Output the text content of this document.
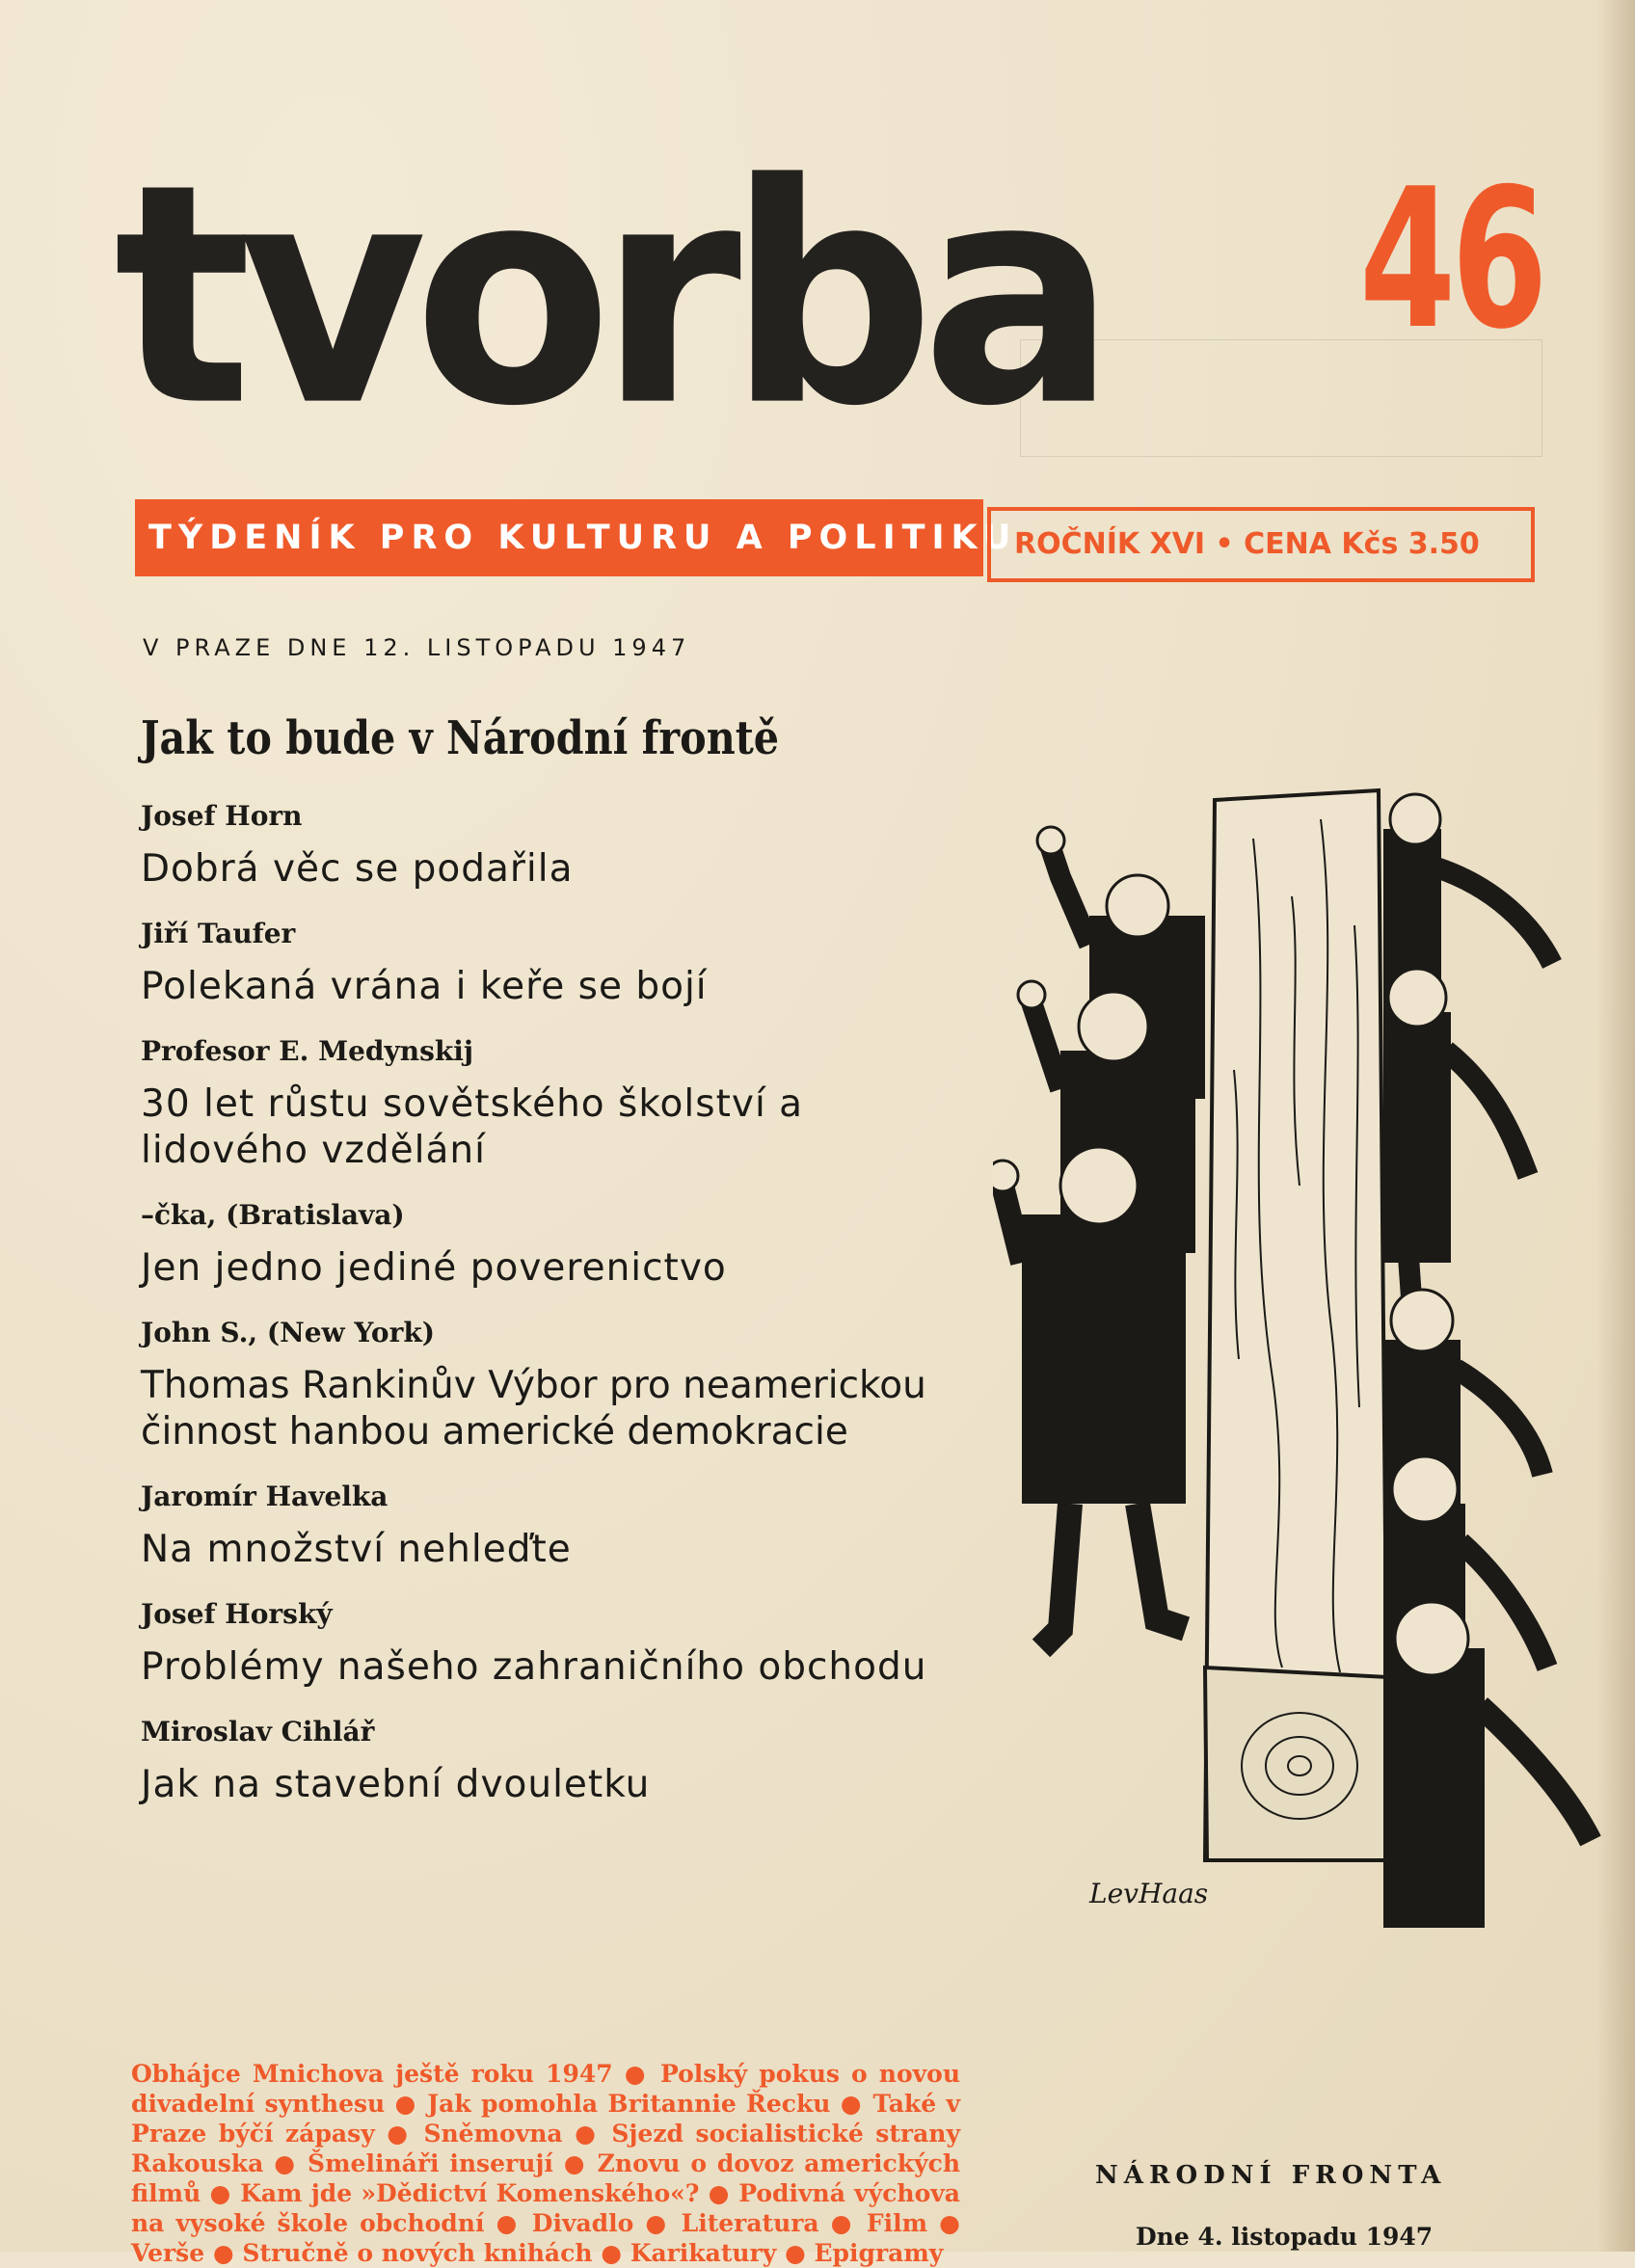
tvorba 46
TÝDENÍK PRO KULTURU A POLITIKU
ROČNÍK XVI • CENA Kčs 3.50
V PRAZE DNE 12. LISTOPADU 1947
Jak to bude v Národní frontě
Josef Horn
Dobrá věc se podařila
Jiří Taufer
Polekaná vrána i keře se bojí
Profesor E. Medynskij
30 let růstu sovětského školství a lidového vzdělání
–čka, (Bratislava)
Jen jedno jediné poverenictvo
John S., (New York)
Thomas Rankinův Výbor pro neamerickou činnost hanbou americké demokracie
Jaromír Havelka
Na množství nehleďte
Josef Horský
Problémy našeho zahraničního obchodu
Miroslav Cihlář
Jak na stavební dvouletku
LevHaas
Obhájce Mnichova ještě roku 1947 ● Polský pokus o novou divadelní synthesu ● Jak pomohla Britannie Řecku ● Také v Praze býčí zápasy ● Sněmovna ● Sjezd socialistické strany Rakouska ● Šmelináři inserují ● Znovu o dovoz amerických filmů ● Kam jde »Dědictví Komenského«? ● Podivná výchova na vysoké škole obchodní ● Divadlo ● Literatura ● Film ● Verše ● Stručně o nových knihách ● Karikatury ● Epigramy
NÁRODNÍ FRONTA
Dne 4. listopadu 1947
